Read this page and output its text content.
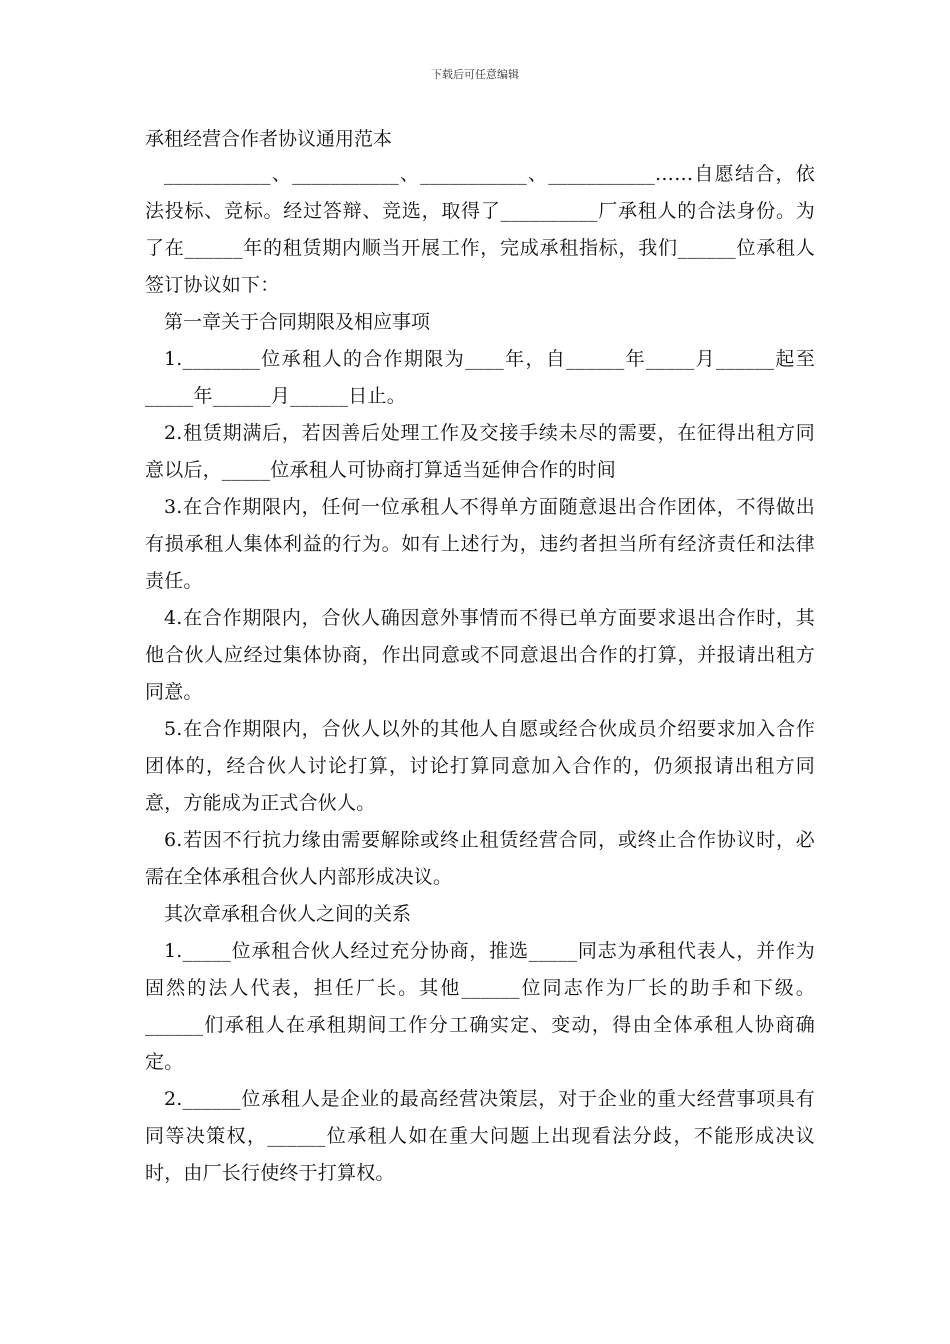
下载后可任意编辑
承租经营合作者协议通用范本

___________、___________、___________、___________……自愿结合，依法投标、竞标。经过答辩、竞选，取得了__________厂承租人的合法身份。为了在______年的租赁期内顺当开展工作，完成承租指标，我们______位承租人签订协议如下：

第一章关于合同期限及相应事项

1.________位承租人的合作期限为____年，自______年_____月______起至_____年______月______日止。

2.租赁期满后，若因善后处理工作及交接手续未尽的需要，在征得出租方同意以后，_____位承租人可协商打算适当延伸合作的时间

3.在合作期限内，任何一位承租人不得单方面随意退出合作团体，不得做出有损承租人集体利益的行为。如有上述行为，违约者担当所有经济责任和法律责任。

4.在合作期限内，合伙人确因意外事情而不得已单方面要求退出合作时，其他合伙人应经过集体协商，作出同意或不同意退出合作的打算，并报请出租方同意。

5.在合作期限内，合伙人以外的其他人自愿或经合伙成员介绍要求加入合作团体的，经合伙人讨论打算，讨论打算同意加入合作的，仍须报请出租方同意，方能成为正式合伙人。

6.若因不行抗力缘由需要解除或终止租赁经营合同，或终止合作协议时，必需在全体承租合伙人内部形成决议。

其次章承租合伙人之间的关系

1._____位承租合伙人经过充分协商，推选_____同志为承租代表人，并作为固然的法人代表，担任厂长。其他______位同志作为厂长的助手和下级。______们承租人在承租期间工作分工确实定、变动，得由全体承租人协商确定。

2.______位承租人是企业的最高经营决策层，对于企业的重大经营事项具有同等决策权，______位承租人如在重大问题上出现看法分歧，不能形成决议时，由厂长行使终于打算权。
